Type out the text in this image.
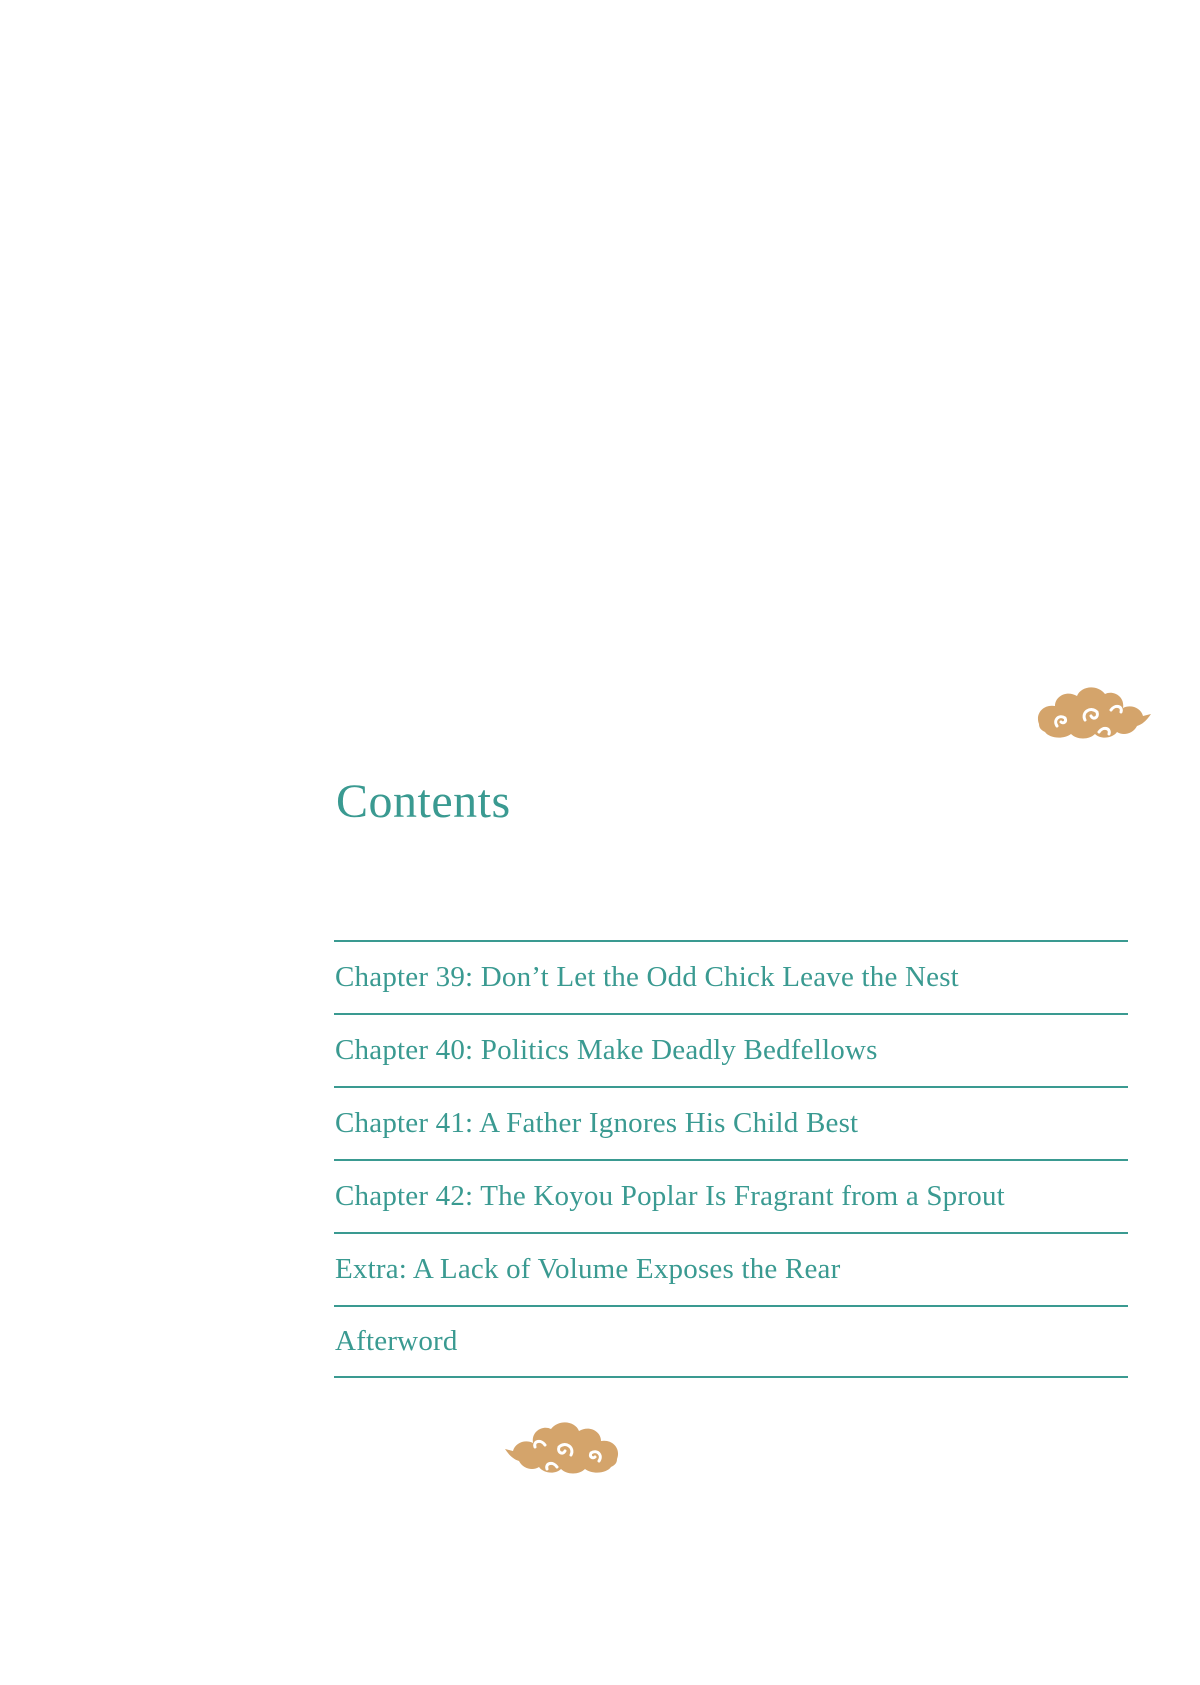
Contents
Chapter 39: Don’t Let the Odd Chick Leave the Nest
Chapter 40: Politics Make Deadly Bedfellows
Chapter 41: A Father Ignores His Child Best
Chapter 42: The Koyou Poplar Is Fragrant from a Sprout
Extra: A Lack of Volume Exposes the Rear
Afterword
